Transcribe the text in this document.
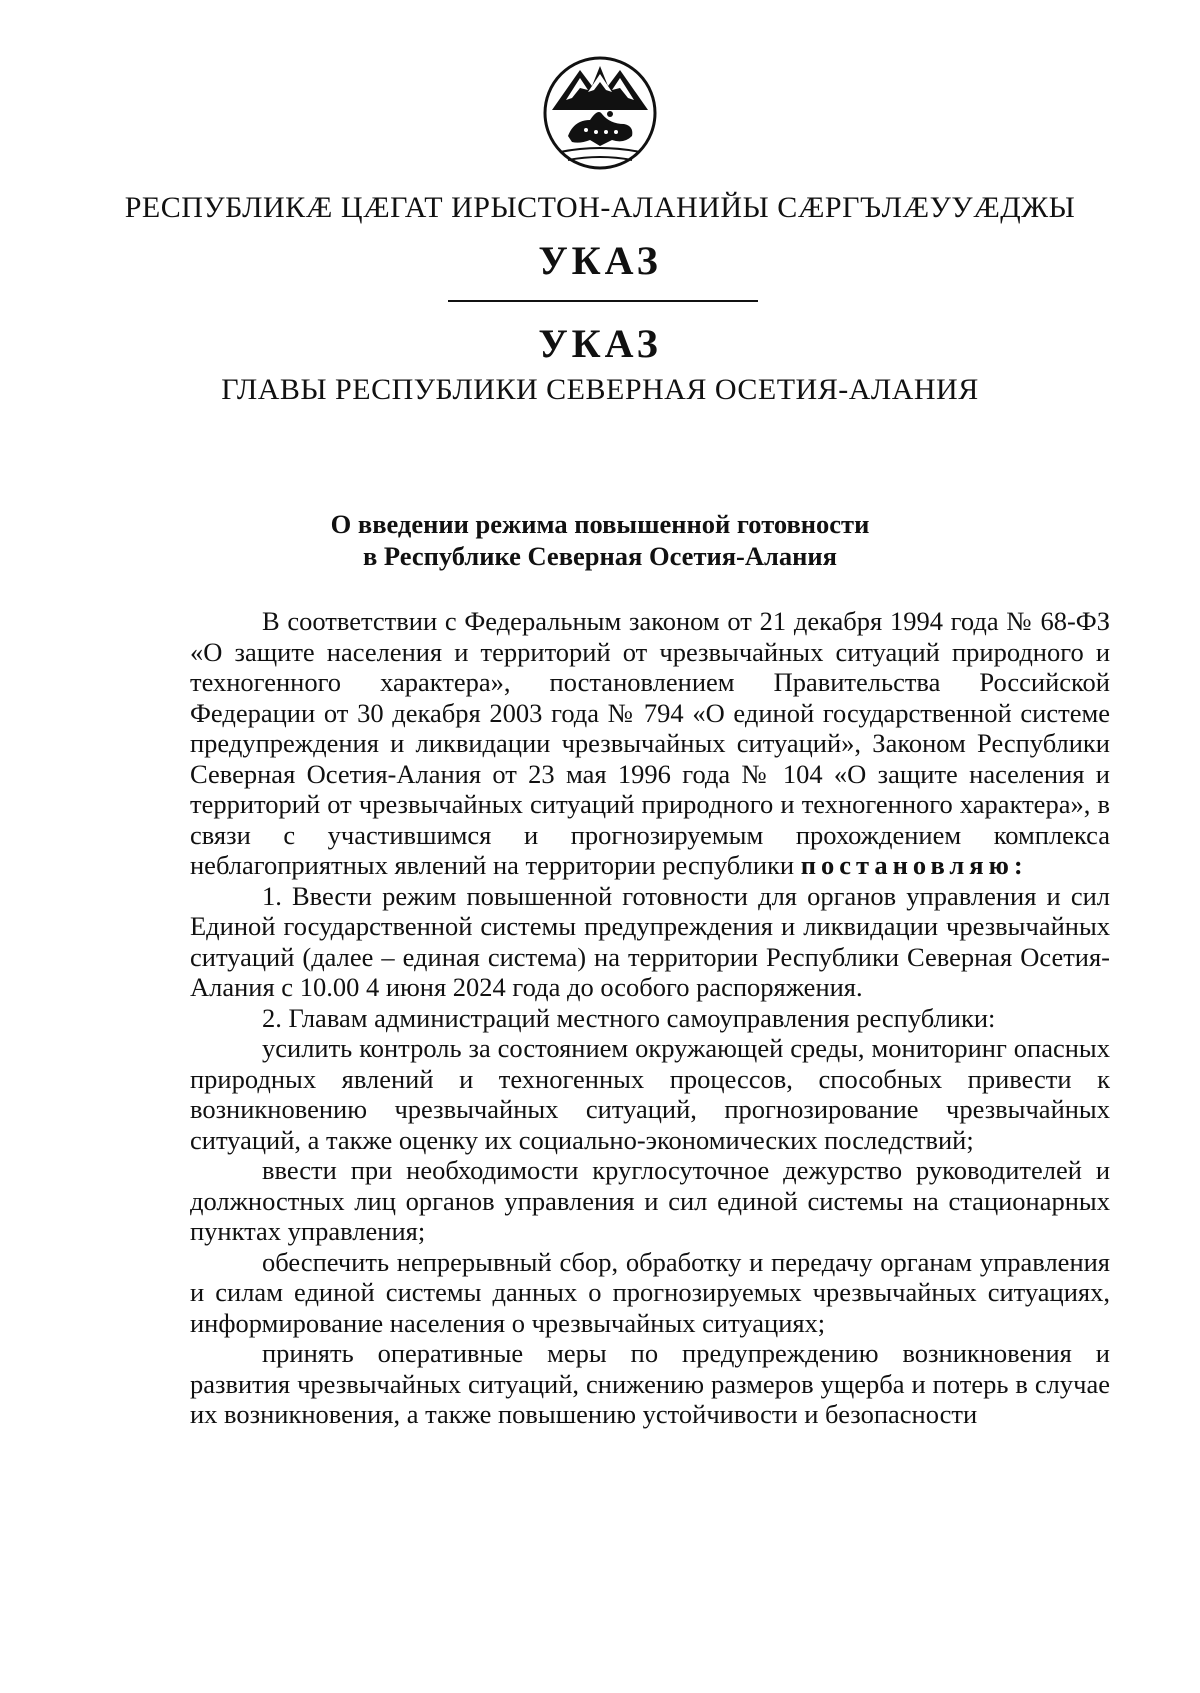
РЕСПУБЛИКӔ ЦӔГАТ ИРЫСТОН-АЛАНИЙЫ СӔРГЪЛӔУУӔДЖЫ
УКАЗ
УКАЗ
ГЛАВЫ РЕСПУБЛИКИ СЕВЕРНАЯ ОСЕТИЯ-АЛАНИЯ
О введении режима повышенной готовности
в Республике Северная Осетия-Алания

В соответствии с Федеральным законом от 21 декабря 1994 года № 68-ФЗ «О защите населения и территорий от чрезвычайных ситуаций природного и техногенного характера», постановлением Правительства Российской Федерации от 30 декабря 2003 года № 794 «О единой государственной системе предупреждения и ликвидации чрезвычайных ситуаций», Законом Республики Северная Осетия-Алания от 23 мая 1996 года № 104 «О защите населения и территорий от чрезвычайных ситуаций природного и техногенного характера», в связи с участившимся и прогнозируемым прохождением комплекса неблагоприятных явлений на территории республики постановляю:

1. Ввести режим повышенной готовности для органов управления и сил Единой государственной системы предупреждения и ликвидации чрезвычайных ситуаций (далее – единая система) на территории Республики Северная Осетия-Алания с 10.00 4 июня 2024 года до особого распоряжения.

2. Главам администраций местного самоуправления республики:

усилить контроль за состоянием окружающей среды, мониторинг опасных природных явлений и техногенных процессов, способных привести к возникновению чрезвычайных ситуаций, прогнозирование чрезвычайных ситуаций, а также оценку их социально-экономических последствий;

ввести при необходимости круглосуточное дежурство руководителей и должностных лиц органов управления и сил единой системы на стационарных пунктах управления;

обеспечить непрерывный сбор, обработку и передачу органам управления и силам единой системы данных о прогнозируемых чрезвычайных ситуациях, информирование населения о чрезвычайных ситуациях;

принять оперативные меры по предупреждению возникновения и развития чрезвычайных ситуаций, снижению размеров ущерба и потерь в случае их возникновения, а также повышению устойчивости и безопасности
